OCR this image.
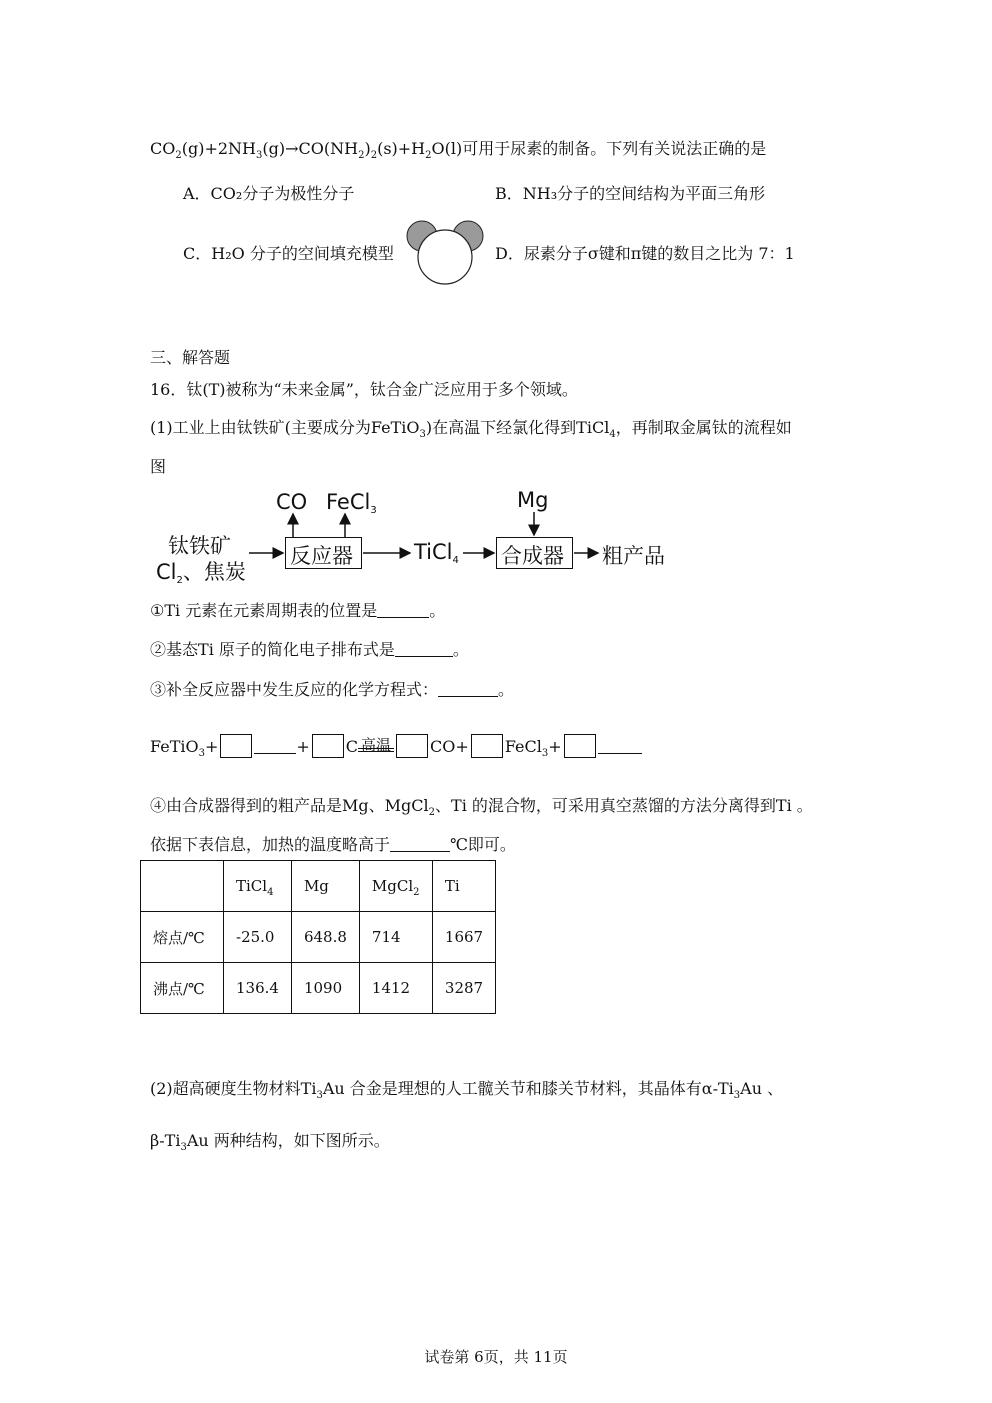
$CO_2(g)+2NH_3(g)\to CO(NH_2)_2(s)+H_2O(l)$可用于尿素的制备。下列有关说法正确的是
A．CO₂分子为极性分子	B．NH₃分子的空间结构为平面三角形
C．H₂O 分子的空间填充模型	D．尿素分子σ键和π键的数目之比为 7：1
三、解答题
16．钛(T)被称为“未来金属”，钛合金广泛应用于多个领域。
(1)工业上由钛铁矿(主要成分为FeTiO$_3$)在高温下经氯化得到TiCl$_4$，再制取金属钛的流程如
图
钛铁矿
$Cl_2$、焦炭
反应器
CO FeCl$_3$
TiCl$_4$ 合成器
Mg
粗产品
①Ti 元素在元素周期表的位置是	。
②基态Ti 原子的简化电子排布式是	。
③补全反应器中发生反应的化学方程式：	。
FeTiO$_3$+	+ C 高温 CO+ FeCl$_3$+
④由合成器得到的粗产品是Mg、MgCl$_2$、Ti 的混合物，可采用真空蒸馏的方法分离得到Ti 。
依据下表信息，加热的温度略高于	℃即可。
	TiCl$_4$	Mg	MgCl$_2$	Ti
熔点/℃	-25.0	648.8	714	1667
沸点/℃	136.4	1090	1412	3287
(2)超高硬度生物材料$Ti_3Au$ 合金是理想的人工髋关节和膝关节材料，其晶体有$\alpha-Ti_3Au$ 、
$\beta-Ti_3Au$ 两种结构，如下图所示。
试卷第 6页，共 11页
